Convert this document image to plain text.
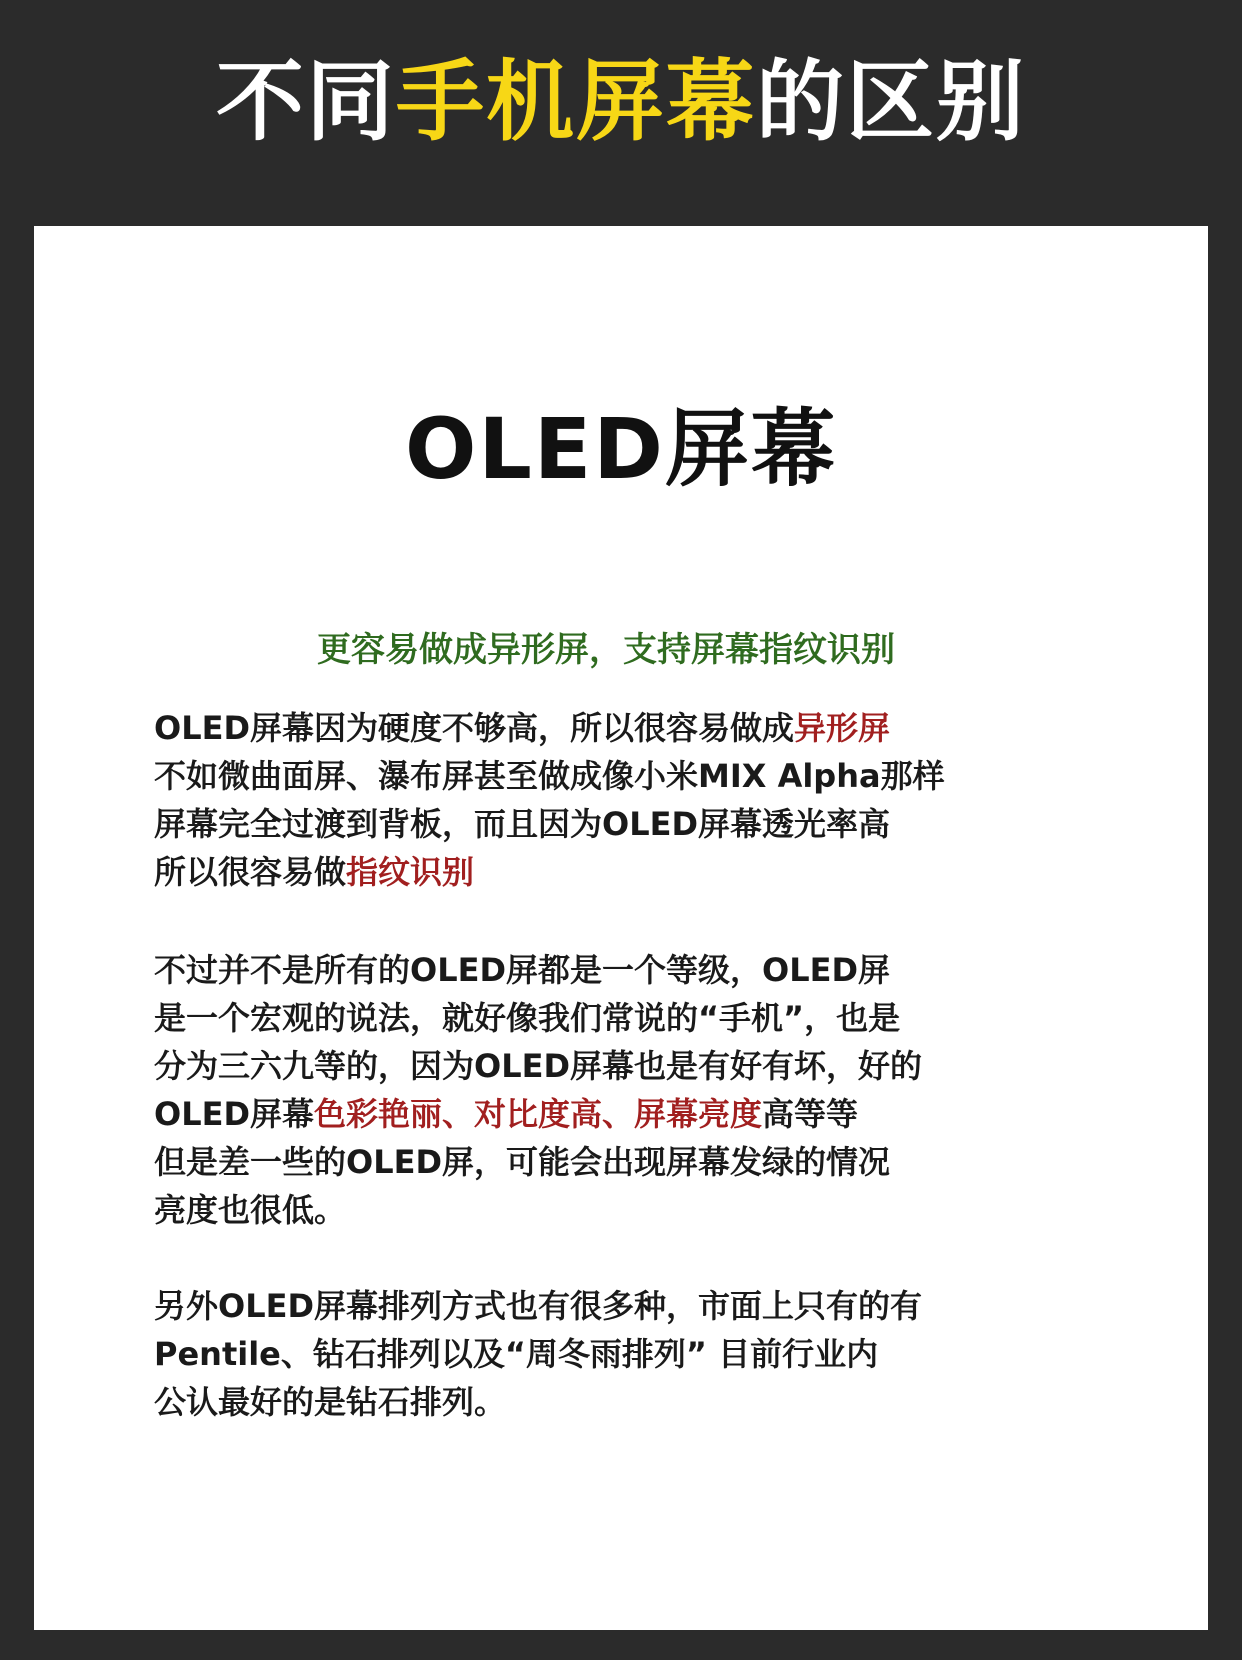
不同手机屏幕的区别
OLED屏幕
更容易做成异形屏，支持屏幕指纹识别
OLED屏幕因为硬度不够高，所以很容易做成异形屏
不如微曲面屏、瀑布屏甚至做成像小米MIX Alpha那样
屏幕完全过渡到背板，而且因为OLED屏幕透光率高
所以很容易做指纹识别
不过并不是所有的OLED屏都是一个等级，OLED屏
是一个宏观的说法，就好像我们常说的“手机”，也是
分为三六九等的，因为OLED屏幕也是有好有坏，好的
OLED屏幕色彩艳丽、对比度高、屏幕亮度高等等
但是差一些的OLED屏，可能会出现屏幕发绿的情况
亮度也很低。
另外OLED屏幕排列方式也有很多种，市面上只有的有
Pentile、钻石排列以及“周冬雨排列” 目前行业内
公认最好的是钻石排列。
